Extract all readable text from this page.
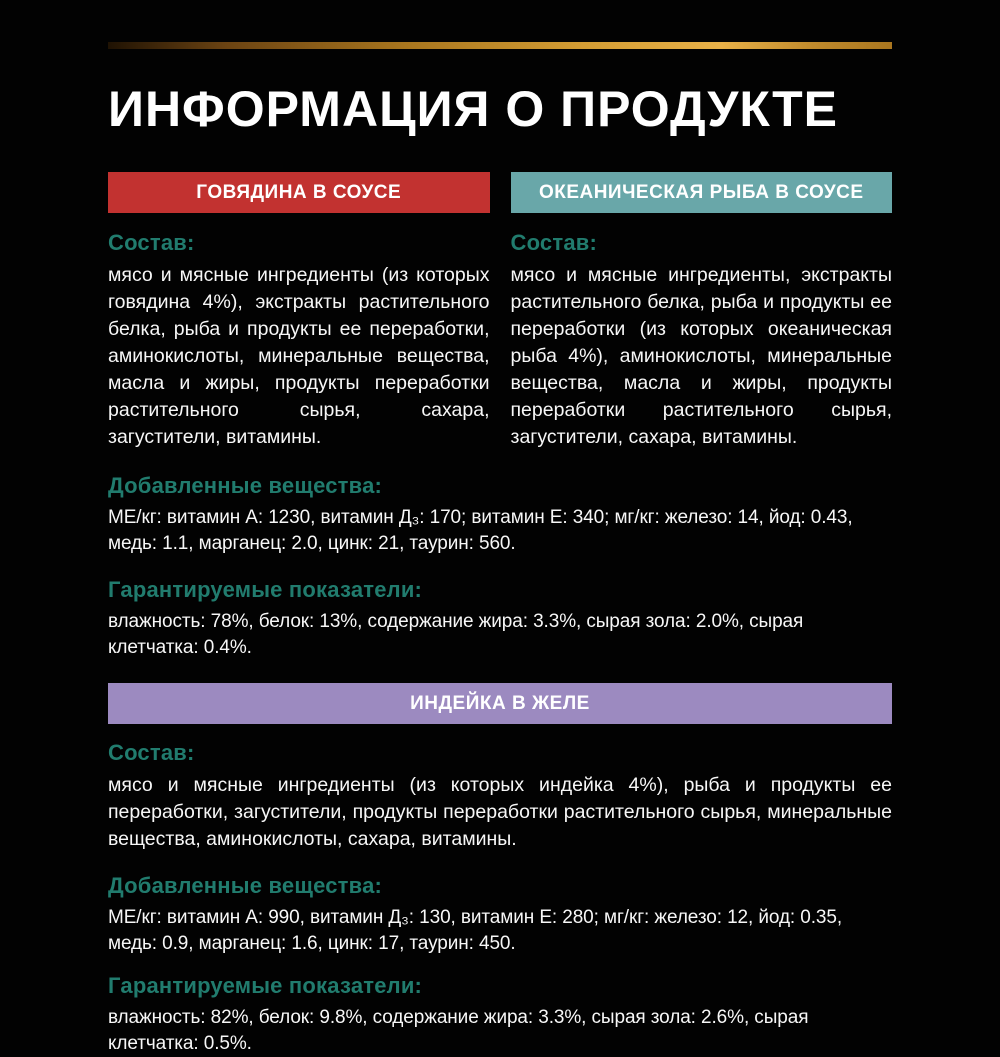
ИНФОРМАЦИЯ О ПРОДУКТЕ
ГОВЯДИНА В СОУСЕ
Состав:
мясо и мясные ингредиенты (из которых говядина 4%), экстракты растительного белка, рыба и продукты ее переработки, аминокислоты, минеральные вещества, масла и жиры, продукты переработки растительного сырья, сахара, загустители, витамины.
ОКЕАНИЧЕСКАЯ РЫБА В СОУСЕ
Состав:
мясо и мясные ингредиенты, экстракты растительного белка, рыба и продукты ее переработки (из которых океаническая рыба 4%), аминокислоты, минеральные вещества, масла и жиры, продукты переработки растительного сырья, загустители, сахара, витамины.
Добавленные вещества:
МЕ/кг: витамин А: 1230, витамин Д₃: 170; витамин Е: 340; мг/кг: железо: 14, йод: 0.43, медь: 1.1, марганец: 2.0, цинк: 21, таурин: 560.
Гарантируемые показатели:
влажность: 78%, белок: 13%, содержание жира: 3.3%, сырая зола: 2.0%, сырая клетчатка: 0.4%.
ИНДЕЙКА В ЖЕЛЕ
Состав:
мясо и мясные ингредиенты (из которых индейка 4%), рыба и продукты ее переработки, загустители, продукты переработки растительного сырья, минеральные вещества, аминокислоты, сахара, витамины.
Добавленные вещества:
МЕ/кг: витамин А: 990, витамин Д₃: 130, витамин Е: 280; мг/кг: железо: 12, йод: 0.35, медь: 0.9, марганец: 1.6, цинк: 17, таурин: 450.
Гарантируемые показатели:
влажность: 82%, белок: 9.8%, содержание жира: 3.3%, сырая зола: 2.6%, сырая клетчатка: 0.5%.
